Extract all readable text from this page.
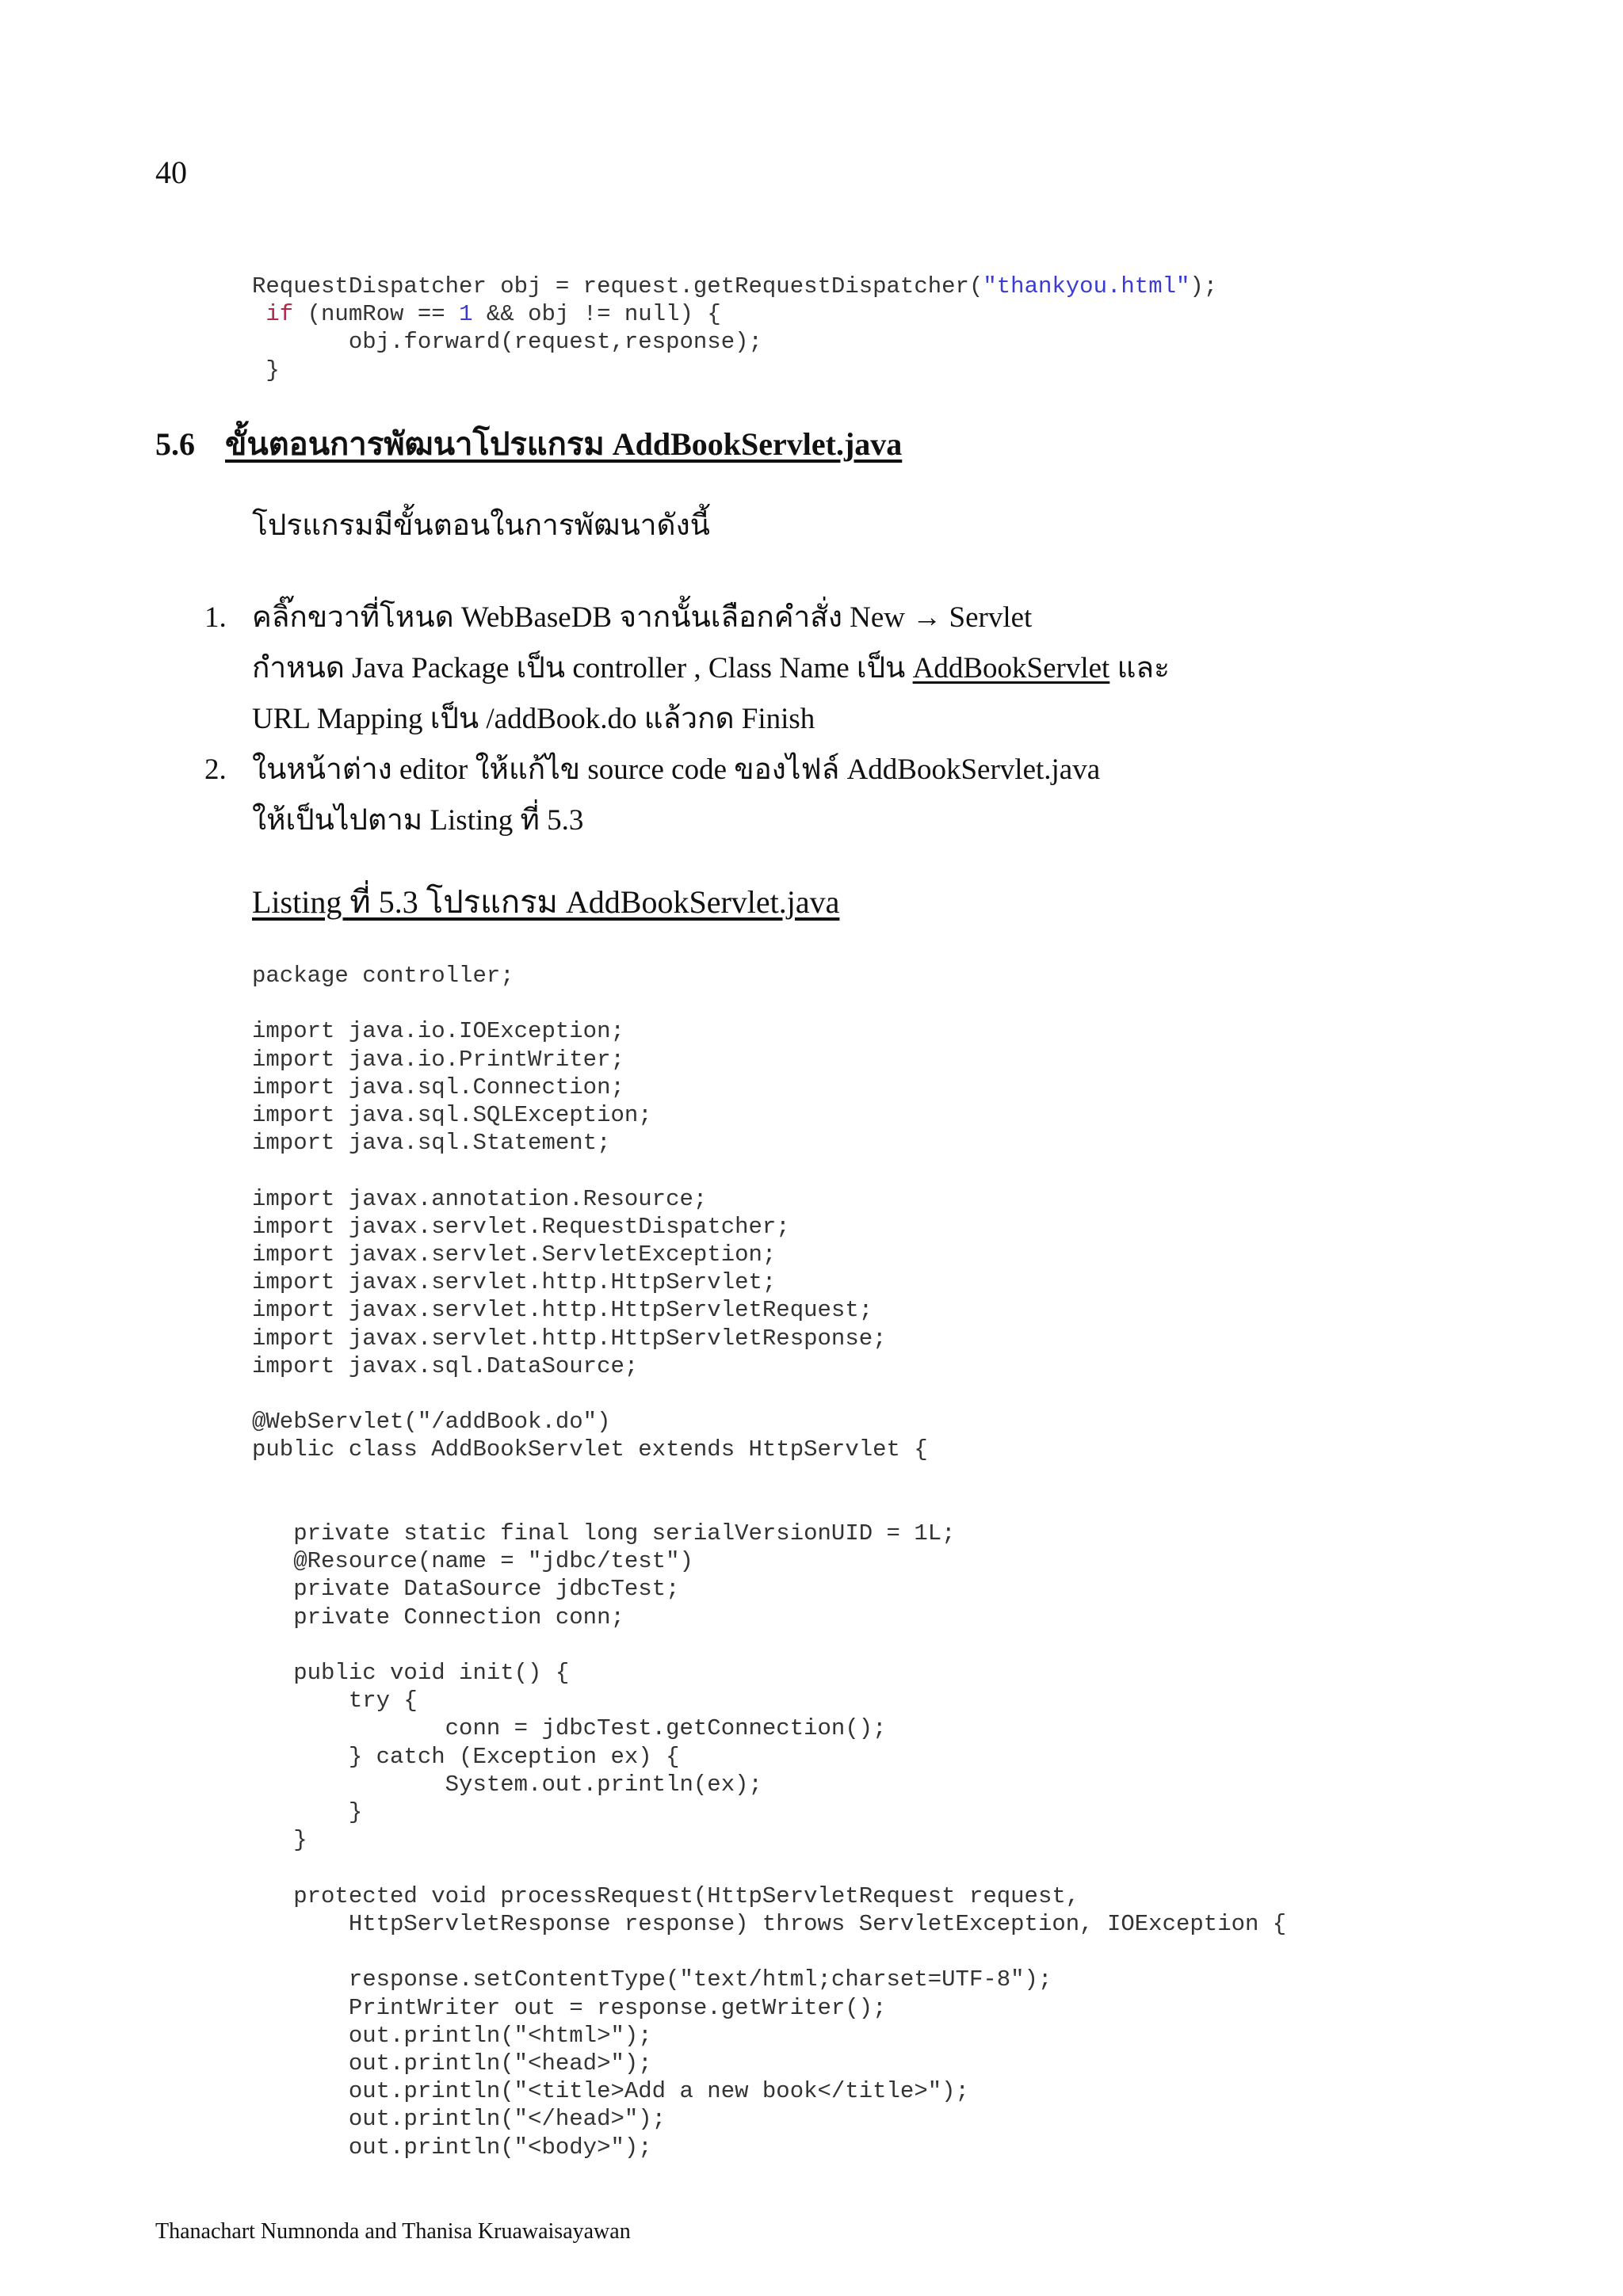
40
RequestDispatcher obj = request.getRequestDispatcher("thankyou.html");
if (numRow == 1 && obj != null) {
obj.forward(request,response);
}
5.6 ขั้นตอนการพัฒนาโปรแกรม AddBookServlet.java
โปรแกรมมีขั้นตอนในการพัฒนาดังนี้
1. คลิ๊กขวาที่โหนด WebBaseDB จากนั้นเลือกคำสั่ง New → Servlet
กำหนด Java Package เป็น controller , Class Name เป็น AddBookServlet และ
URL Mapping เป็น /addBook.do แล้วกด Finish
2. ในหน้าต่าง editor ให้แก้ไข source code ของไฟล์ AddBookServlet.java
ให้เป็นไปตาม Listing ที่ 5.3
Listing ที่ 5.3 โปรแกรม AddBookServlet.java
package controller;

import java.io.IOException;
import java.io.PrintWriter;
import java.sql.Connection;
import java.sql.SQLException;
import java.sql.Statement;

import javax.annotation.Resource;
import javax.servlet.RequestDispatcher;
import javax.servlet.ServletException;
import javax.servlet.http.HttpServlet;
import javax.servlet.http.HttpServletRequest;
import javax.servlet.http.HttpServletResponse;
import javax.sql.DataSource;

@WebServlet("/addBook.do")
public class AddBookServlet extends HttpServlet {

private static final long serialVersionUID = 1L;
@Resource(name = "jdbc/test")
private DataSource jdbcTest;
private Connection conn;

public void init() {
try {
conn = jdbcTest.getConnection();
} catch (Exception ex) {
System.out.println(ex);
}
}

protected void processRequest(HttpServletRequest request,
HttpServletResponse response) throws ServletException, IOException {

response.setContentType("text/html;charset=UTF-8");
PrintWriter out = response.getWriter();
out.println("<html>");
out.println("<head>");
out.println("<title>Add a new book</title>");
out.println("</head>");
out.println("<body>");
Thanachart Numnonda and Thanisa Kruawaisayawan
